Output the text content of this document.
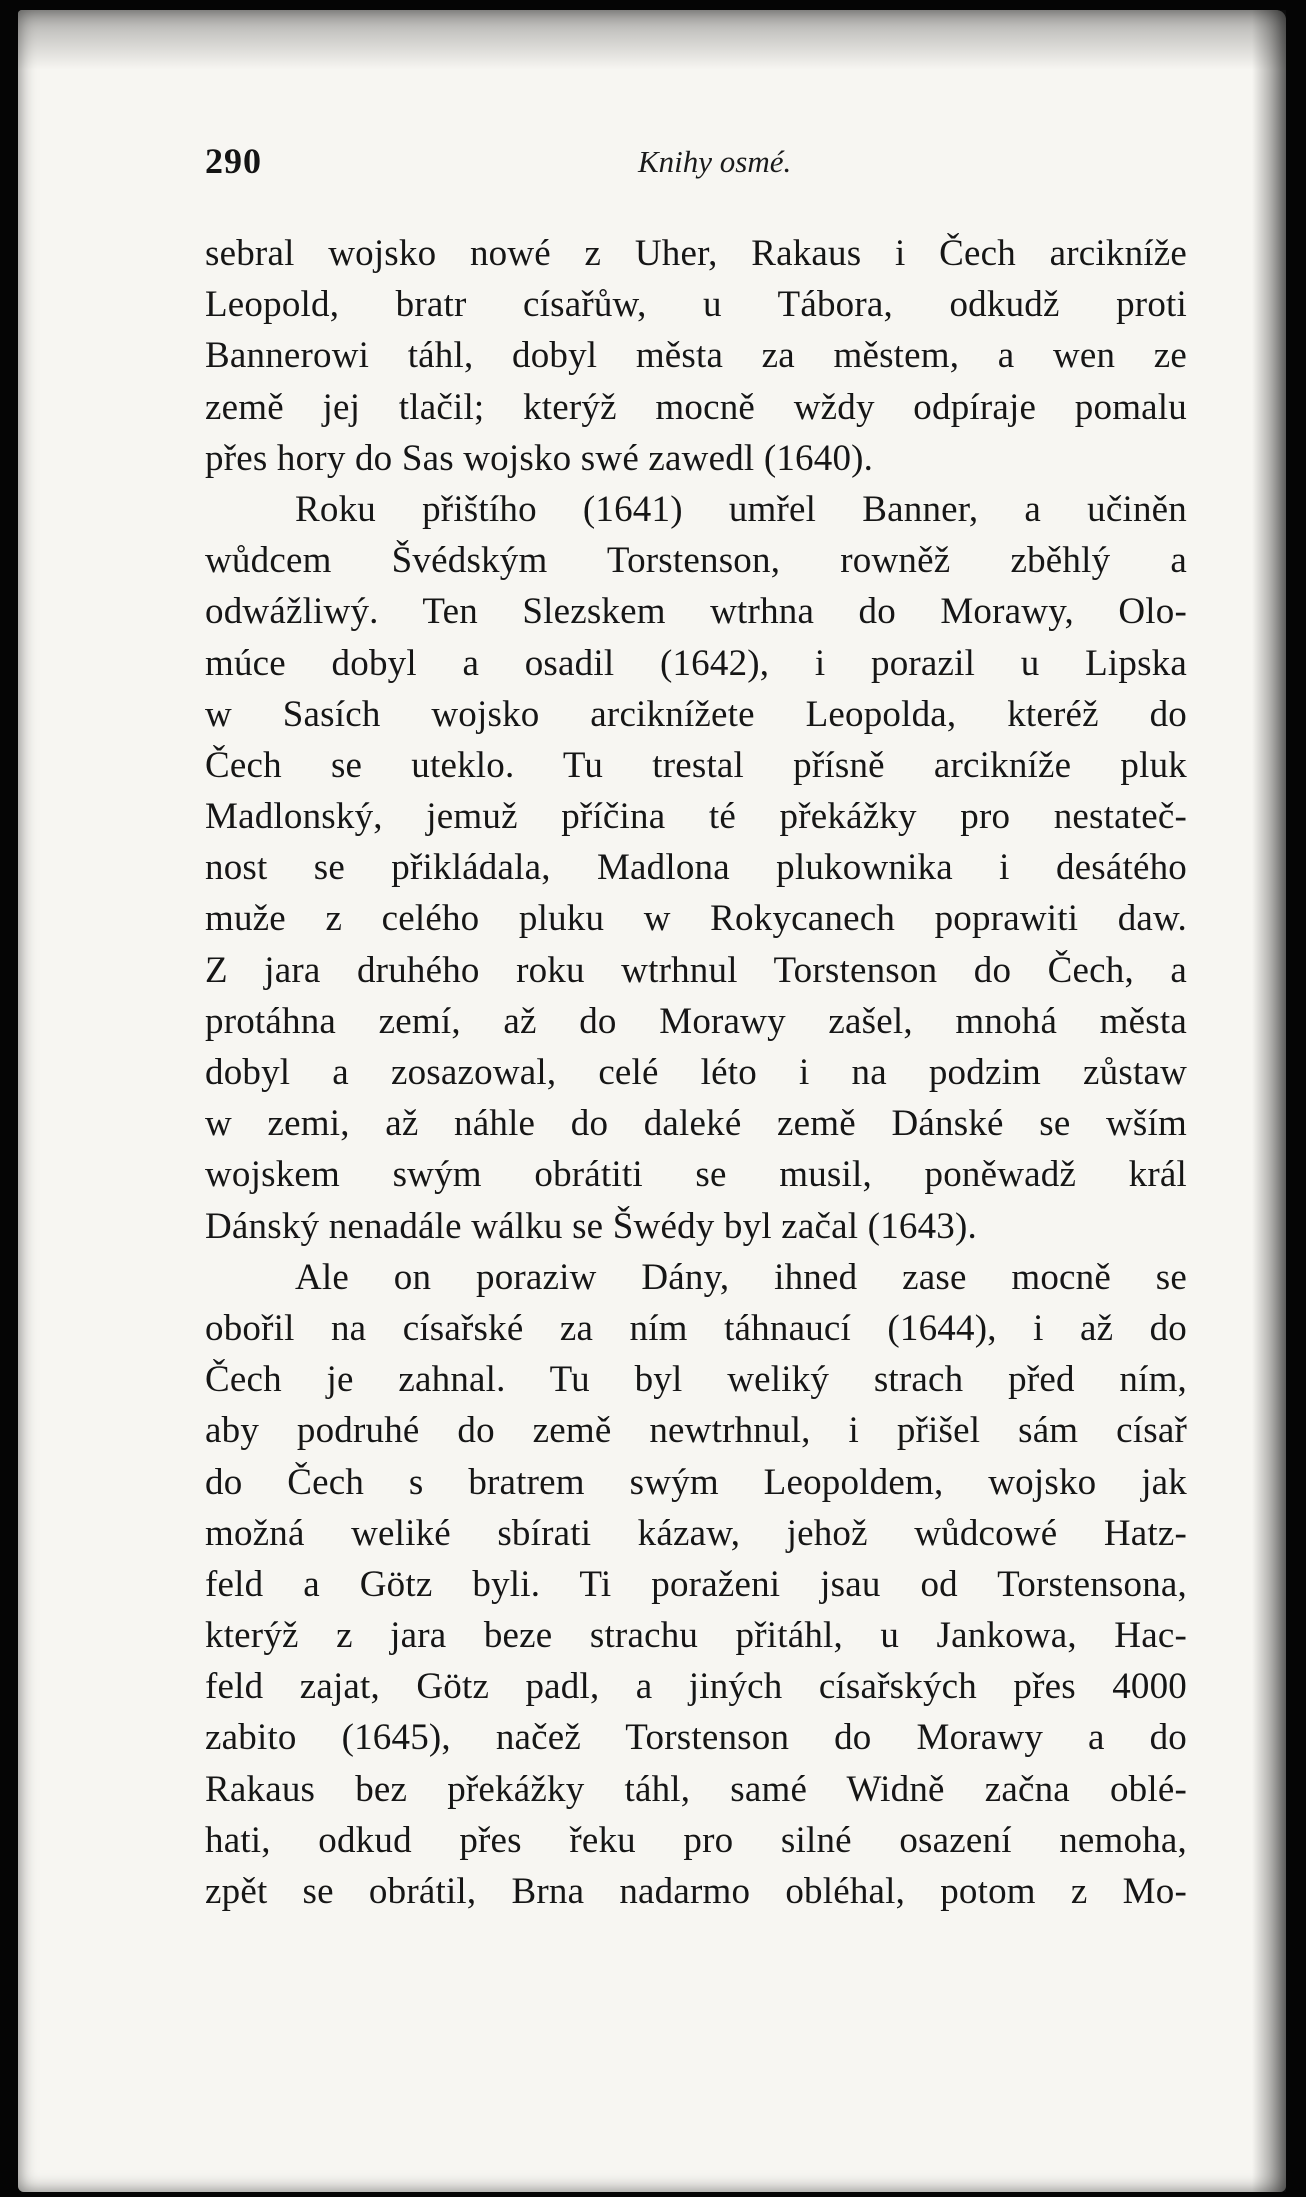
290	Knihy osmé.
sebral wojsko nowé z Uher, Rakaus i Čech arcikníže
Leopold, bratr císařůw, u Tábora, odkudž proti
Bannerowi táhl, dobyl města za městem, a wen ze
země jej tlačil; kterýž mocně wždy odpíraje pomalu
přes hory do Sas wojsko swé zawedl (1640).
Roku přištího (1641) umřel Banner, a učiněn
wůdcem Švédským Torstenson, rowněž zběhlý a
odwážliwý. Ten Slezskem wtrhna do Morawy, Olo-
múce dobyl a osadil (1642), i porazil u Lipska
w Sasích wojsko arciknížete Leopolda, kteréž do
Čech se uteklo. Tu trestal přísně arcikníže pluk
Madlonský, jemuž příčina té překážky pro nestateč-
nost se přikládala, Madlona plukownika i desátého
muže z celého pluku w Rokycanech poprawiti daw.
Z jara druhého roku wtrhnul Torstenson do Čech, a
protáhna zemí, až do Morawy zašel, mnohá města
dobyl a zosazowal, celé léto i na podzim zůstaw
w zemi, až náhle do daleké země Dánské se wším
wojskem swým obrátiti se musil, poněwadž král
Dánský nenadále wálku se Šwédy byl začal (1643).
Ale on poraziw Dány, ihned zase mocně se
obořil na císařské za ním táhnaucí (1644), i až do
Čech je zahnal. Tu byl weliký strach před ním,
aby podruhé do země newtrhnul, i přišel sám císař
do Čech s bratrem swým Leopoldem, wojsko jak
možná weliké sbírati kázaw, jehož wůdcowé Hatz-
feld a Götz byli. Ti poraženi jsau od Torstensona,
kterýž z jara beze strachu přitáhl, u Jankowa, Hac-
feld zajat, Götz padl, a jiných císařských přes 4000
zabito (1645), načež Torstenson do Morawy a do
Rakaus bez překážky táhl, samé Widně začna oblé-
hati, odkud přes řeku pro silné osazení nemoha,
zpět se obrátil, Brna nadarmo obléhal, potom z Mo-
